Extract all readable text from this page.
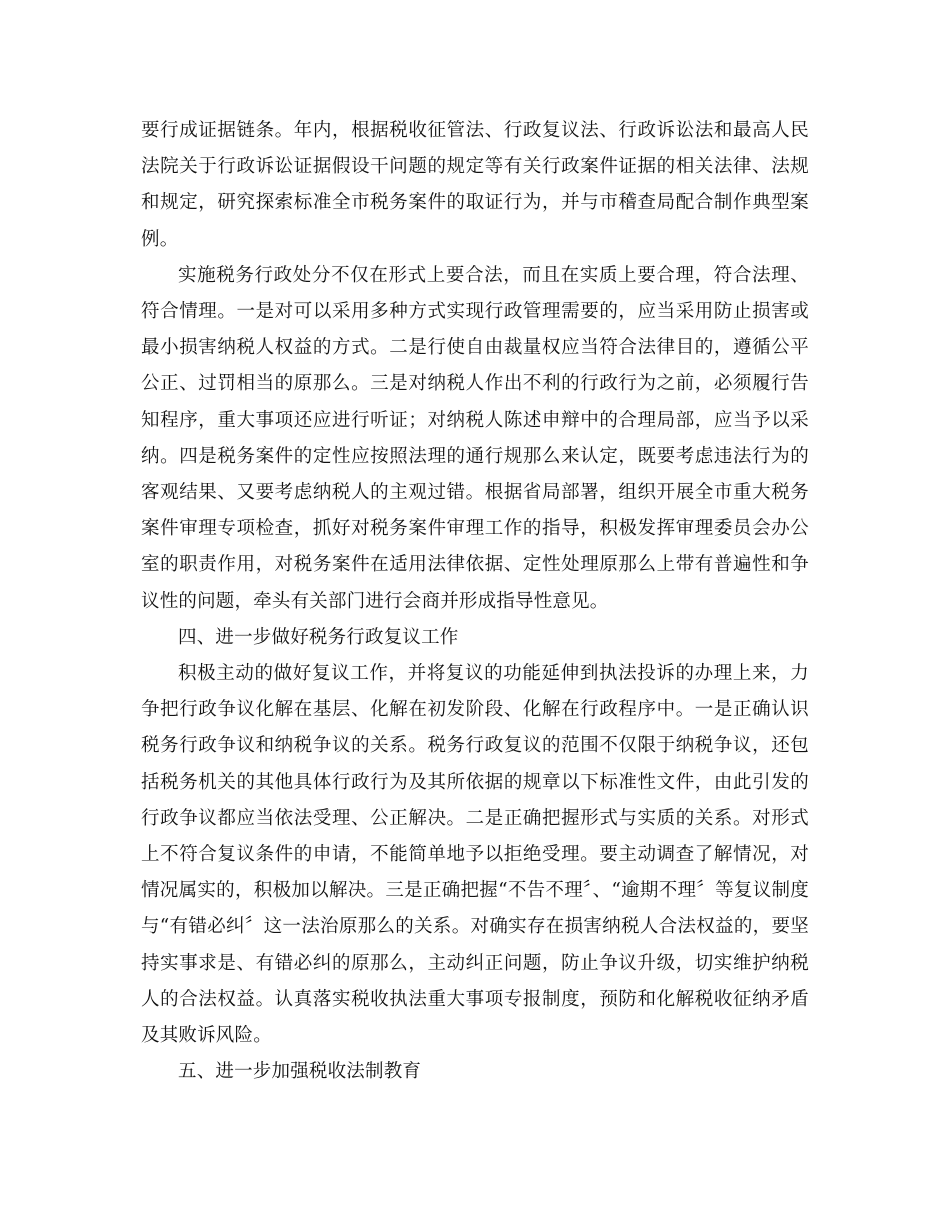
要行成证据链条。年内，根据税收征管法、行政复议法、行政诉讼法和最高人民法院关于行政诉讼证据假设干问题的规定等有关行政案件证据的相关法律、法规和规定，研究探索标准全市税务案件的取证行为，并与市稽查局配合制作典型案例。

实施税务行政处分不仅在形式上要合法，而且在实质上要合理，符合法理、符合情理。一是对可以采用多种方式实现行政管理需要的，应当采用防止损害或最小损害纳税人权益的方式。二是行使自由裁量权应当符合法律目的，遵循公平公正、过罚相当的原那么。三是对纳税人作出不利的行政行为之前，必须履行告知程序，重大事项还应进行听证；对纳税人陈述申辩中的合理局部，应当予以采纳。四是税务案件的定性应按照法理的通行规那么来认定，既要考虑违法行为的客观结果、又要考虑纳税人的主观过错。根据省局部署，组织开展全市重大税务案件审理专项检查，抓好对税务案件审理工作的指导，积极发挥审理委员会办公室的职责作用，对税务案件在适用法律依据、定性处理原那么上带有普遍性和争议性的问题，牵头有关部门进行会商并形成指导性意见。

四、进一步做好税务行政复议工作

积极主动的做好复议工作，并将复议的功能延伸到执法投诉的办理上来，力争把行政争议化解在基层、化解在初发阶段、化解在行政程序中。一是正确认识税务行政争议和纳税争议的关系。税务行政复议的范围不仅限于纳税争议，还包括税务机关的其他具体行政行为及其所依据的规章以下标准性文件，由此引发的行政争议都应当依法受理、公正解决。二是正确把握形式与实质的关系。对形式上不符合复议条件的申请，不能简单地予以拒绝受理。要主动调查了解情况，对情况属实的，积极加以解决。三是正确把握“不告不理〞、“逾期不理〞等复议制度与“有错必纠〞这一法治原那么的关系。对确实存在损害纳税人合法权益的，要坚持实事求是、有错必纠的原那么，主动纠正问题，防止争议升级，切实维护纳税人的合法权益。认真落实税收执法重大事项专报制度，预防和化解税收征纳矛盾及其败诉风险。

五、进一步加强税收法制教育
